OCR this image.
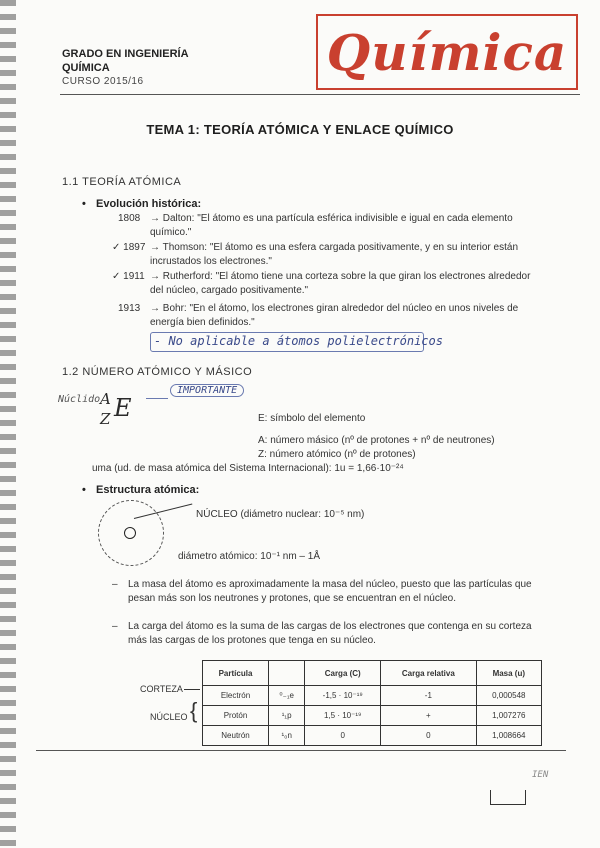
GRADO EN INGENIERÍA
QUÍMICA
CURSO 2015/16	Química
TEMA 1: TEORÍA ATÓMICA Y ENLACE QUÍMICO
1.1 TEORÍA ATÓMICA
• Evolución histórica:
1808 → Dalton: "El átomo es una partícula esférica indivisible e igual en cada elemento químico."
✓ 1897 → Thomson: "El átomo es una esfera cargada positivamente, y en su interior están incrustados los electrones."
✓ 1911 → Rutherford: "El átomo tiene una corteza sobre la que giran los electrones alrededor del núcleo, cargado positivamente."
1913 → Bohr: "En el átomo, los electrones giran alrededor del núcleo en unos niveles de energía bien definidos."
- No aplicable a átomos polielectrónicos
1.2 NÚMERO ATÓMICO Y MÁSICO
Núclido
IMPORTANTE
A
Z E	E: símbolo del elemento
A: número másico (nº de protones + nº de neutrones)
Z: número atómico (nº de protones)
uma (ud. de masa atómica del Sistema Internacional): 1u = 1,66·10⁻²⁴
• Estructura atómica:
NÚCLEO (diámetro nuclear: 10⁻⁵ nm)
diámetro atómico: 10⁻¹ nm – 1Å
– La masa del átomo es aproximadamente la masa del núcleo, puesto que las partículas que pesan más son los neutrones y protones, que se encuentran en el núcleo.
– La carga del átomo es la suma de las cargas de los electrones que contenga en su corteza más las cargas de los protones que tenga en su núcleo.
CORTEZA
NÚCLEO {
Partícula		Carga (C)	Carga relativa	Masa (u)
Electrón	⁰₋₁e	-1,5 · 10⁻¹⁹	-1	0,000548
Protón	¹₁p	1,5 · 10⁻¹⁹	+	1,007276
Neutrón	¹₀n	0	0	1,008664
IEN
